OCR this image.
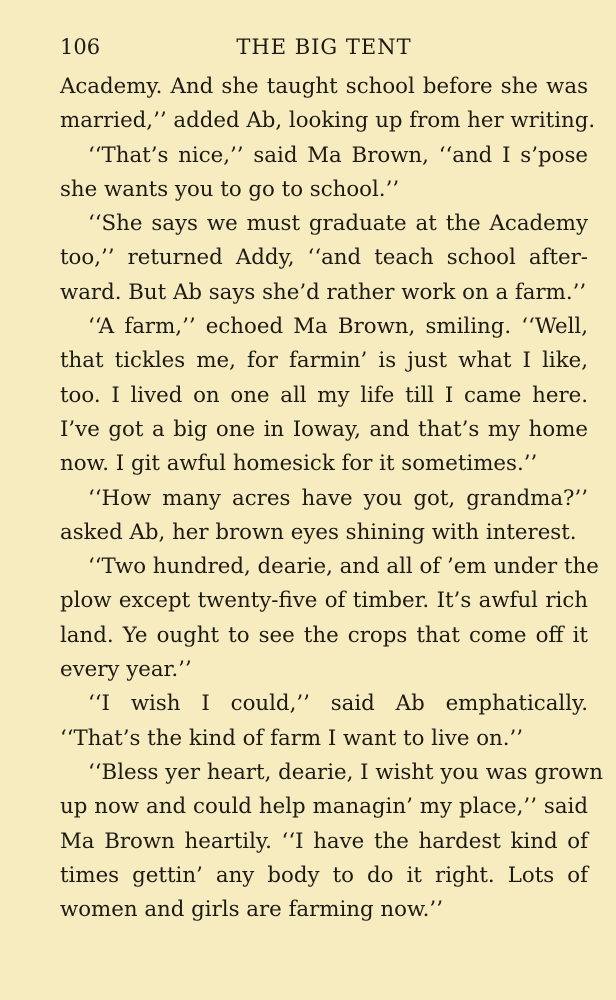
106	THE BIG TENT
Academy. And she taught school before she was
married,’’ added Ab, looking up from her writing.
‘‘That’s nice,’’ said Ma Brown, ‘‘and I s’pose
she wants you to go to school.’’
‘‘She says we must graduate at the Academy
too,’’ returned Addy, ‘‘and teach school after-
ward. But Ab says she’d rather work on a farm.’’
‘‘A farm,’’ echoed Ma Brown, smiling. ‘‘Well,
that tickles me, for farmin’ is just what I like,
too. I lived on one all my life till I came here.
I’ve got a big one in Ioway, and that’s my home
now. I git awful homesick for it sometimes.’’
‘‘How many acres have you got, grandma?’’
asked Ab, her brown eyes shining with interest.
‘‘Two hundred, dearie, and all of ’em under the
plow except twenty-five of timber. It’s awful rich
land. Ye ought to see the crops that come off it
every year.’’
‘‘I wish I could,’’ said Ab emphatically.
‘‘That’s the kind of farm I want to live on.’’
‘‘Bless yer heart, dearie, I wisht you was grown
up now and could help managin’ my place,’’ said
Ma Brown heartily. ‘‘I have the hardest kind of
times gettin’ any body to do it right. Lots of
women and girls are farming now.’’
